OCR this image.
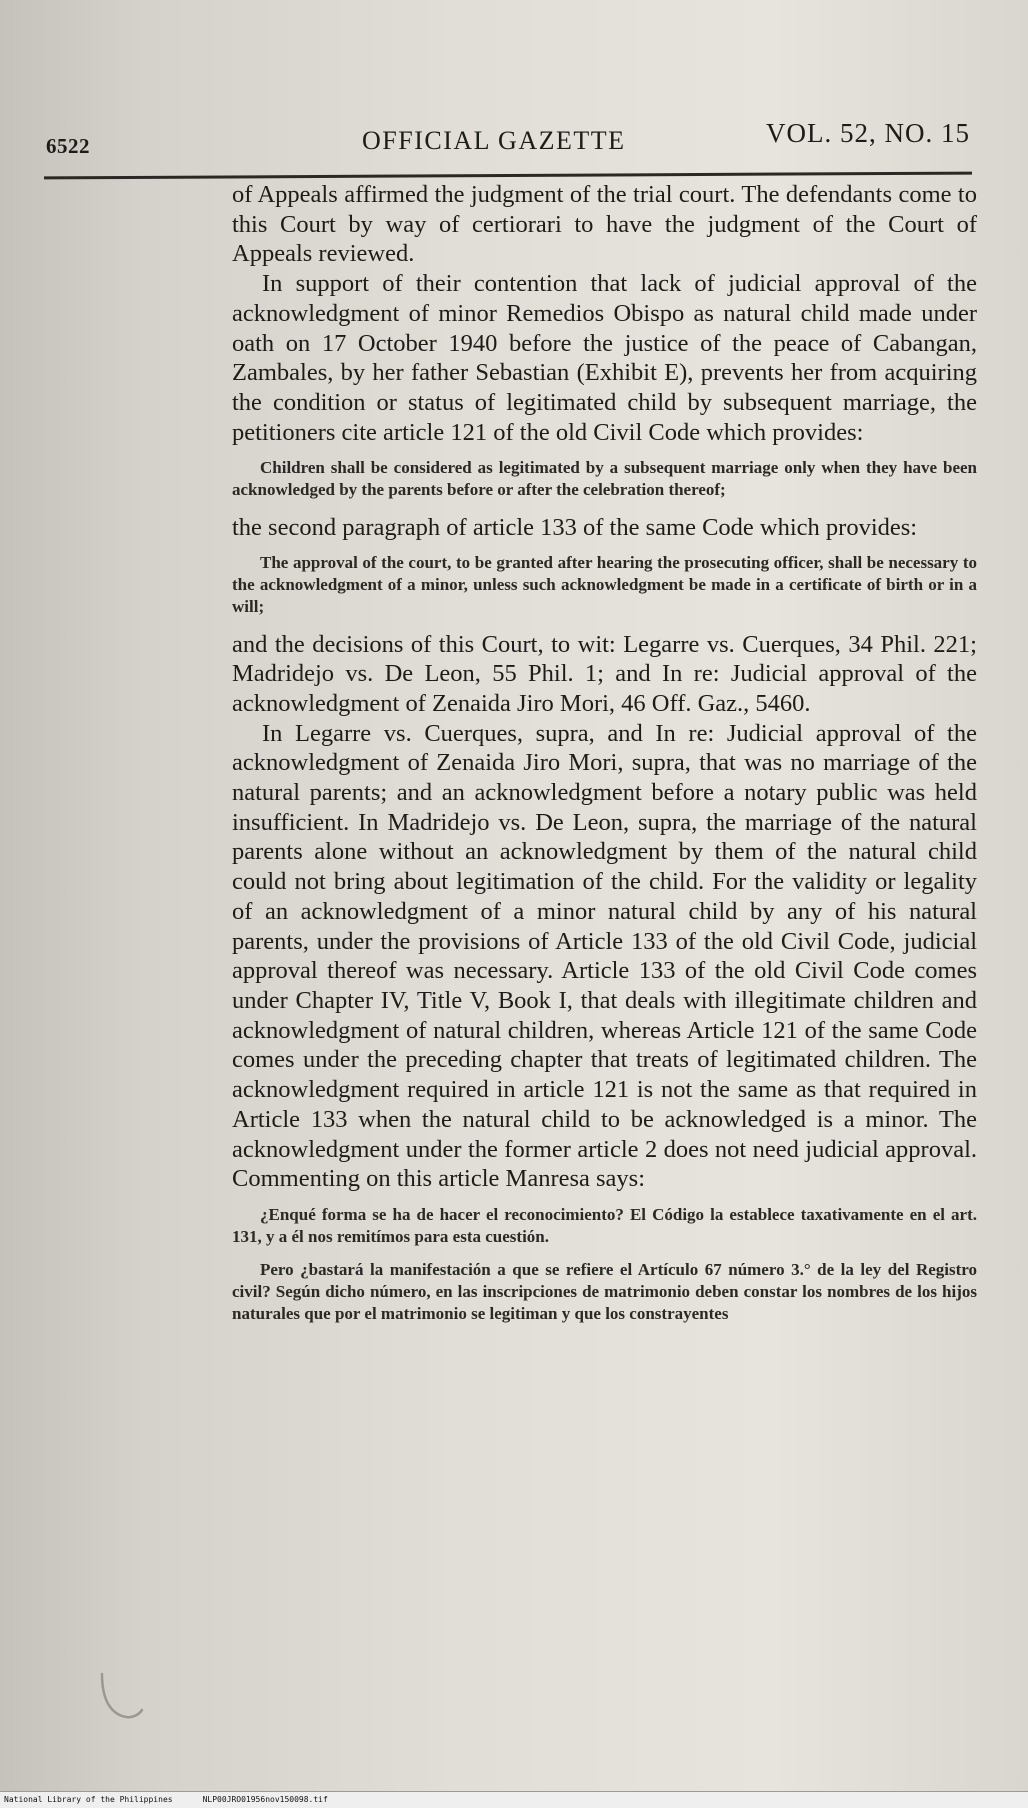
6522	OFFICIAL GAZETTE	VOL. 52, NO. 15

of Appeals affirmed the judgment of the trial court. The defendants come to this Court by way of certiorari to have the judgment of the Court of Appeals reviewed.

In support of their contention that lack of judicial approval of the acknowledgment of minor Remedios Obispo as natural child made under oath on 17 October 1940 before the justice of the peace of Cabangan, Zambales, by her father Sebastian (Exhibit E), prevents her from acquiring the condition or status of legitimated child by subsequent marriage, the petitioners cite article 121 of the old Civil Code which provides:

Children shall be considered as legitimated by a subsequent marriage only when they have been acknowledged by the parents before or after the celebration thereof;

the second paragraph of article 133 of the same Code which provides:

The approval of the court, to be granted after hearing the prosecuting officer, shall be necessary to the acknowledgment of a minor, unless such acknowledgment be made in a certificate of birth or in a will;

and the decisions of this Court, to wit: Legarre vs. Cuerques, 34 Phil. 221; Madridejo vs. De Leon, 55 Phil. 1; and In re: Judicial approval of the acknowledgment of Zenaida Jiro Mori, 46 Off. Gaz., 5460.

In Legarre vs. Cuerques, supra, and In re: Judicial approval of the acknowledgment of Zenaida Jiro Mori, supra, that was no marriage of the natural parents; and an acknowledgment before a notary public was held insufficient. In Madridejo vs. De Leon, supra, the marriage of the natural parents alone without an acknowledgment by them of the natural child could not bring about legitimation of the child. For the validity or legality of an acknowledgment of a minor natural child by any of his natural parents, under the provisions of Article 133 of the old Civil Code, judicial approval thereof was necessary. Article 133 of the old Civil Code comes under Chapter IV, Title V, Book I, that deals with illegitimate children and acknowledgment of natural children, whereas Article 121 of the same Code comes under the preceding chapter that treats of legitimated children. The acknowledgment required in article 121 is not the same as that required in Article 133 when the natural child to be acknowledged is a minor. The acknowledgment under the former article 2 does not need judicial approval. Commenting on this article Manresa says:

¿Enqué forma se ha de hacer el reconocimiento? El Código la establece taxativamente en el art. 131, y a él nos remitímos para esta cuestión.

Pero ¿bastará la manifestación a que se refiere el Artículo 67 número 3.° de la ley del Registro civil? Según dicho número, en las inscripciones de matrimonio deben constar los nombres de los hijos naturales que por el matrimonio se legitiman y que los constrayentes

National Library of the Philippines	NLP00JRO01956nov150098.tif
